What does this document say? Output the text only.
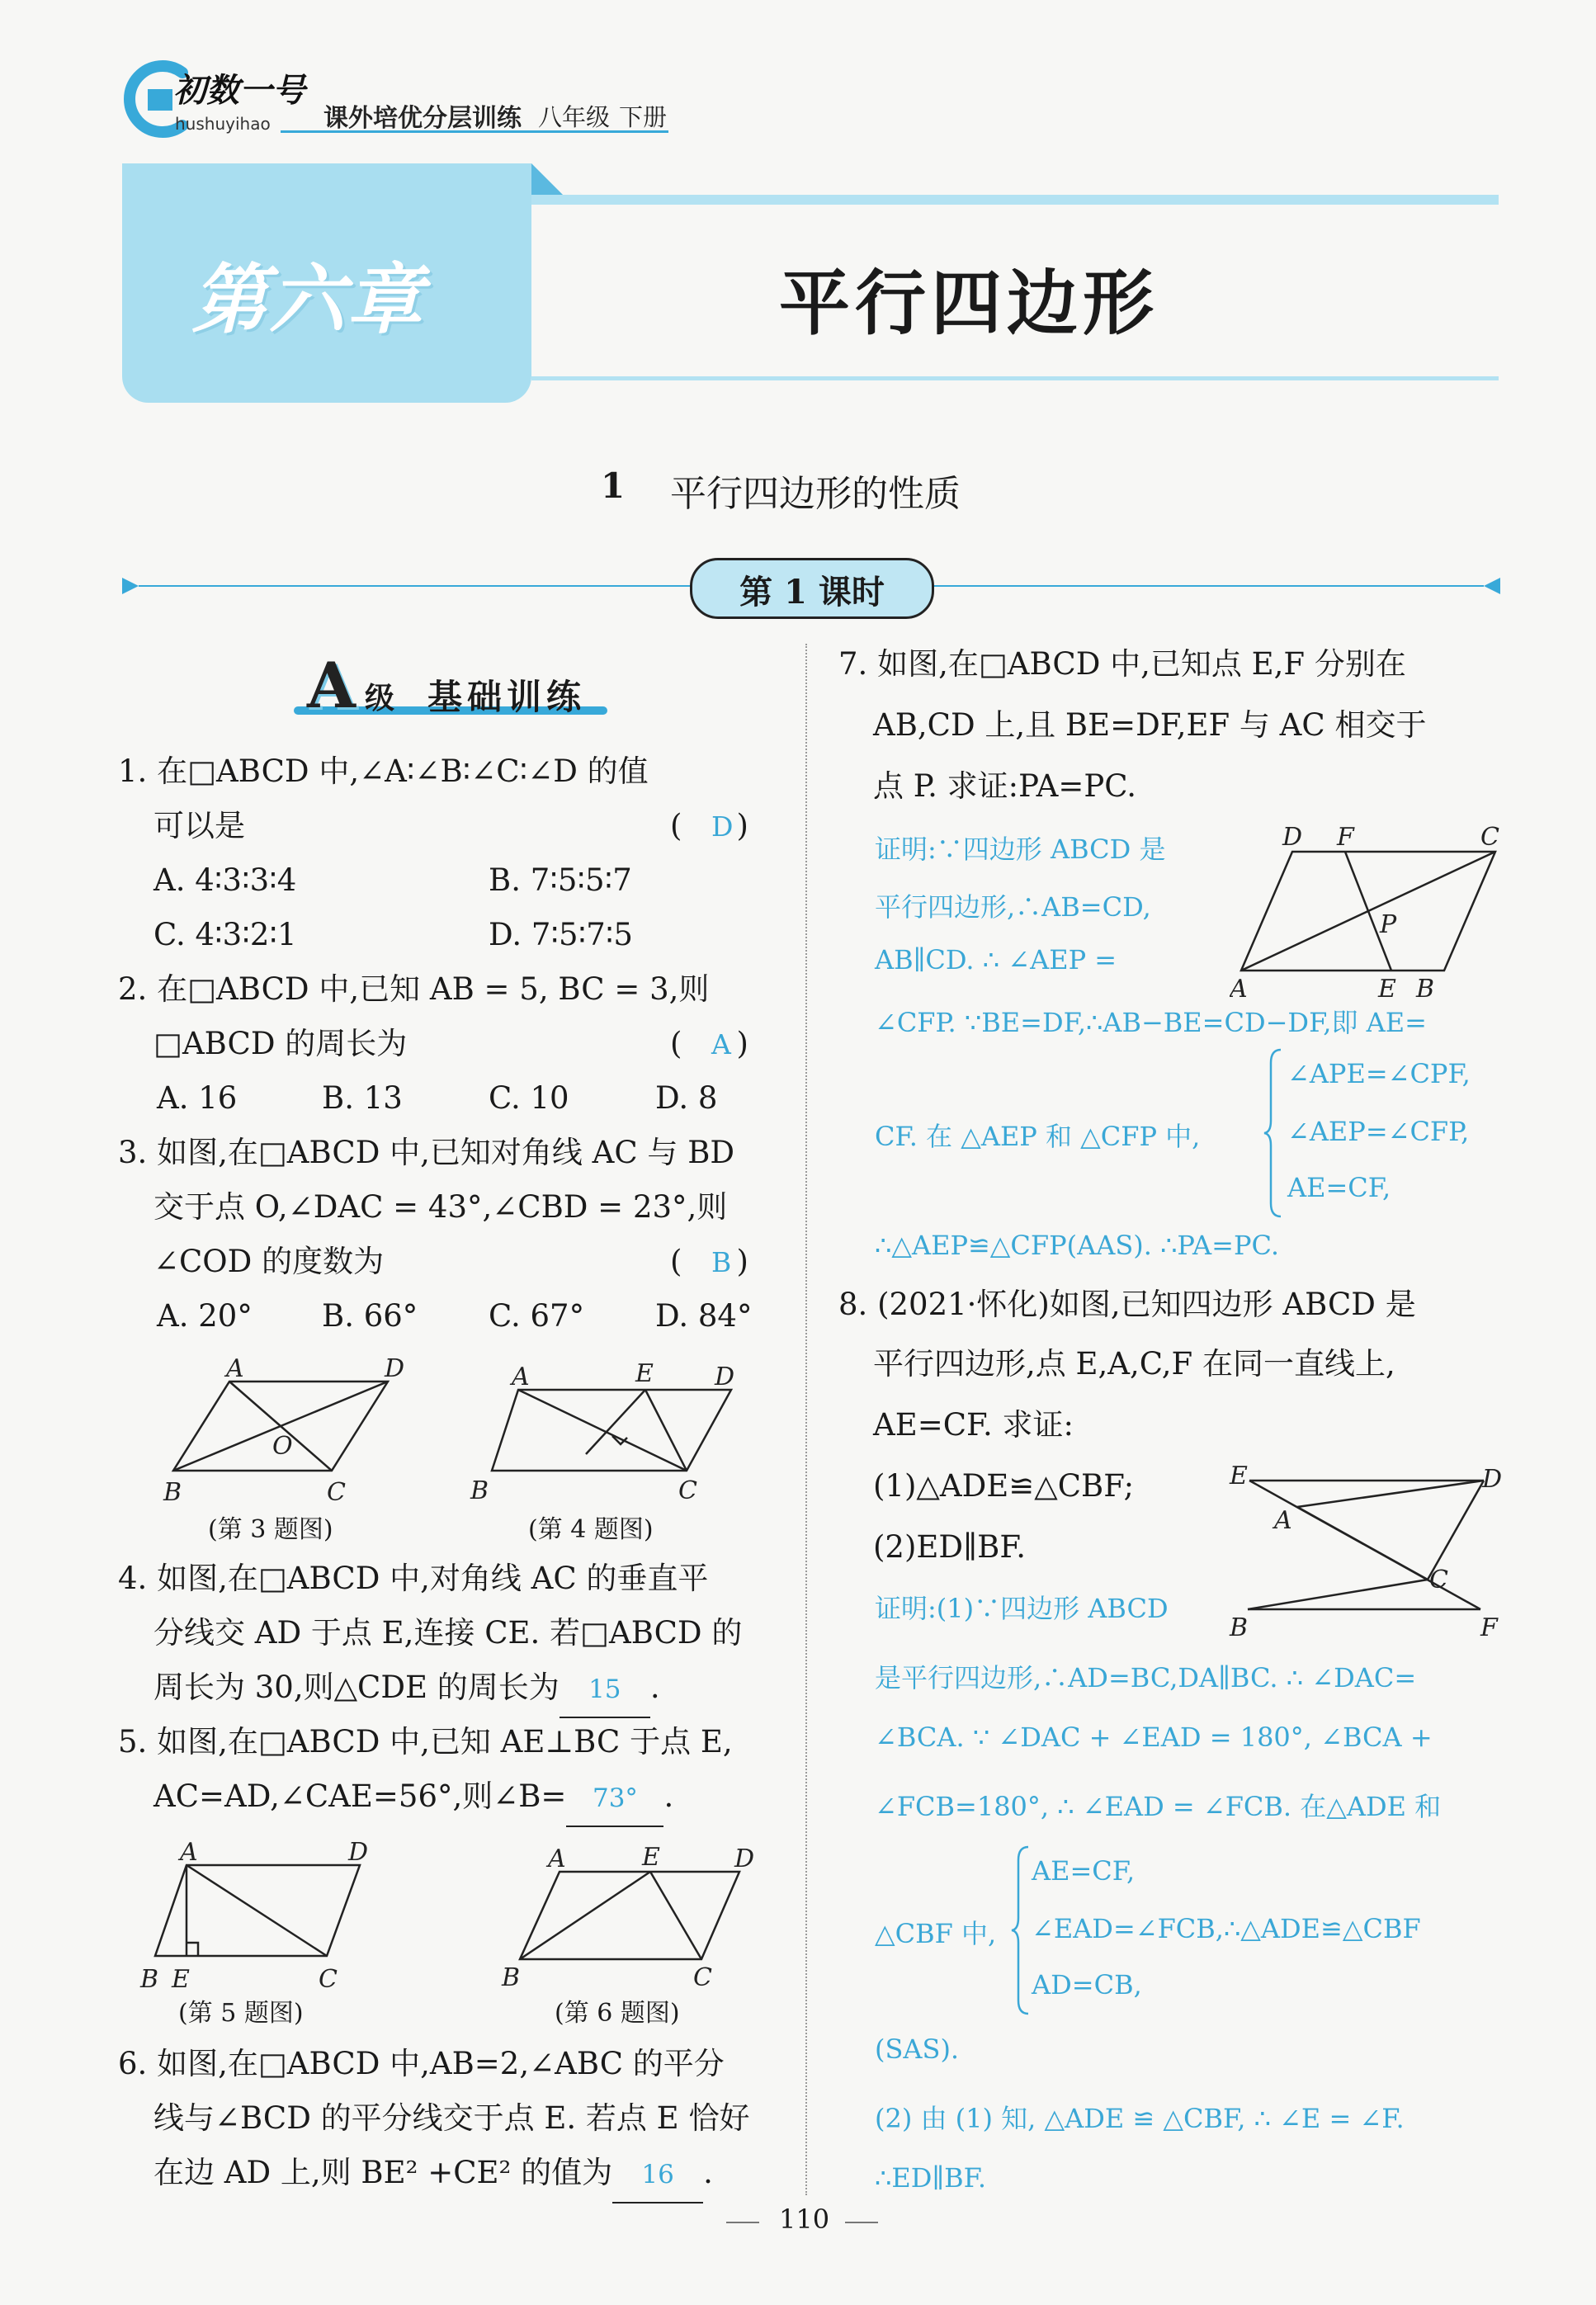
初数一号
hushuyihao 课外培优分层训练 八年级 下册
第六章	平行四边形
1 平行四边形的性质
第 1 课时
A 级 基础训练
1. 在□ABCD 中,∠A∶∠B∶∠C∶∠D 的值
可以是	( )
D
A. 4∶3∶3∶4	B. 7∶5∶5∶7
C. 4∶3∶2∶1	D. 7∶5∶7∶5
2. 在□ABCD 中,已知 AB = 5, BC = 3,则
□ABCD 的周长为	( )
A
A. 16	B. 13	C. 10	D. 8
3. 如图,在□ABCD 中,已知对角线 AC 与 BD
交于点 O,∠DAC = 43°,∠CBD = 23°,则
∠COD 的度数为	( )
B
A. 20° B. 66° C. 67° D. 84°
A	D
B	C
O
(第 3 题图)
A	E D
B	C
(第 4 题图)
4. 如图,在□ABCD 中,对角线 AC 的垂直平
分线交 AD 于点 E,连接 CE. 若□ABCD 的
周长为 30,则△CDE 的周长为 15 .
5. 如图,在□ABCD 中,已知 AE⊥BC 于点 E,
AC=AD,∠CAE=56°,则∠B= 73° .
A	D
B E	C
(第 5 题图)
A	E	D
B	C
(第 6 题图)
6. 如图,在□ABCD 中,AB=2,∠ABC 的平分
线与∠BCD 的平分线交于点 E. 若点 E 恰好
在边 AD 上,则 BE² +CE² 的值为 16 .
7. 如图,在□ABCD 中,已知点 E,F 分别在
AB,CD 上,且 BE=DF,EF 与 AC 相交于
点 P. 求证:PA=PC.
证明:∵四边形 ABCD 是
平行四边形,∴AB=CD,
AB∥CD. ∴ ∠AEP =
D F	C
P
A	E B
∠CFP. ∵BE=DF,∴AB−BE=CD−DF,即 AE=
CF. 在 △AEP 和 △CFP 中,
∠APE=∠CPF,
∠AEP=∠CFP,
AE=CF,
∴△AEP≌△CFP(AAS). ∴PA=PC.
8. (2021·怀化)如图,已知四边形 ABCD 是
平行四边形,点 E,A,C,F 在同一直线上,
AE=CF. 求证:
(1)△ADE≌△CBF;
(2)ED∥BF.
E	D
A
C
B	F
证明:(1)∵四边形 ABCD
是平行四边形,∴AD=BC,DA∥BC. ∴ ∠DAC=
∠BCA. ∵ ∠DAC + ∠EAD = 180°, ∠BCA +
∠FCB=180°, ∴ ∠EAD = ∠FCB. 在△ADE 和
△CBF 中,
AE=CF,
∠EAD=∠FCB,∴△ADE≌△CBF
AD=CB,
(SAS).
(2) 由 (1) 知, △ADE ≌ △CBF, ∴ ∠E = ∠F.
∴ED∥BF.
110
